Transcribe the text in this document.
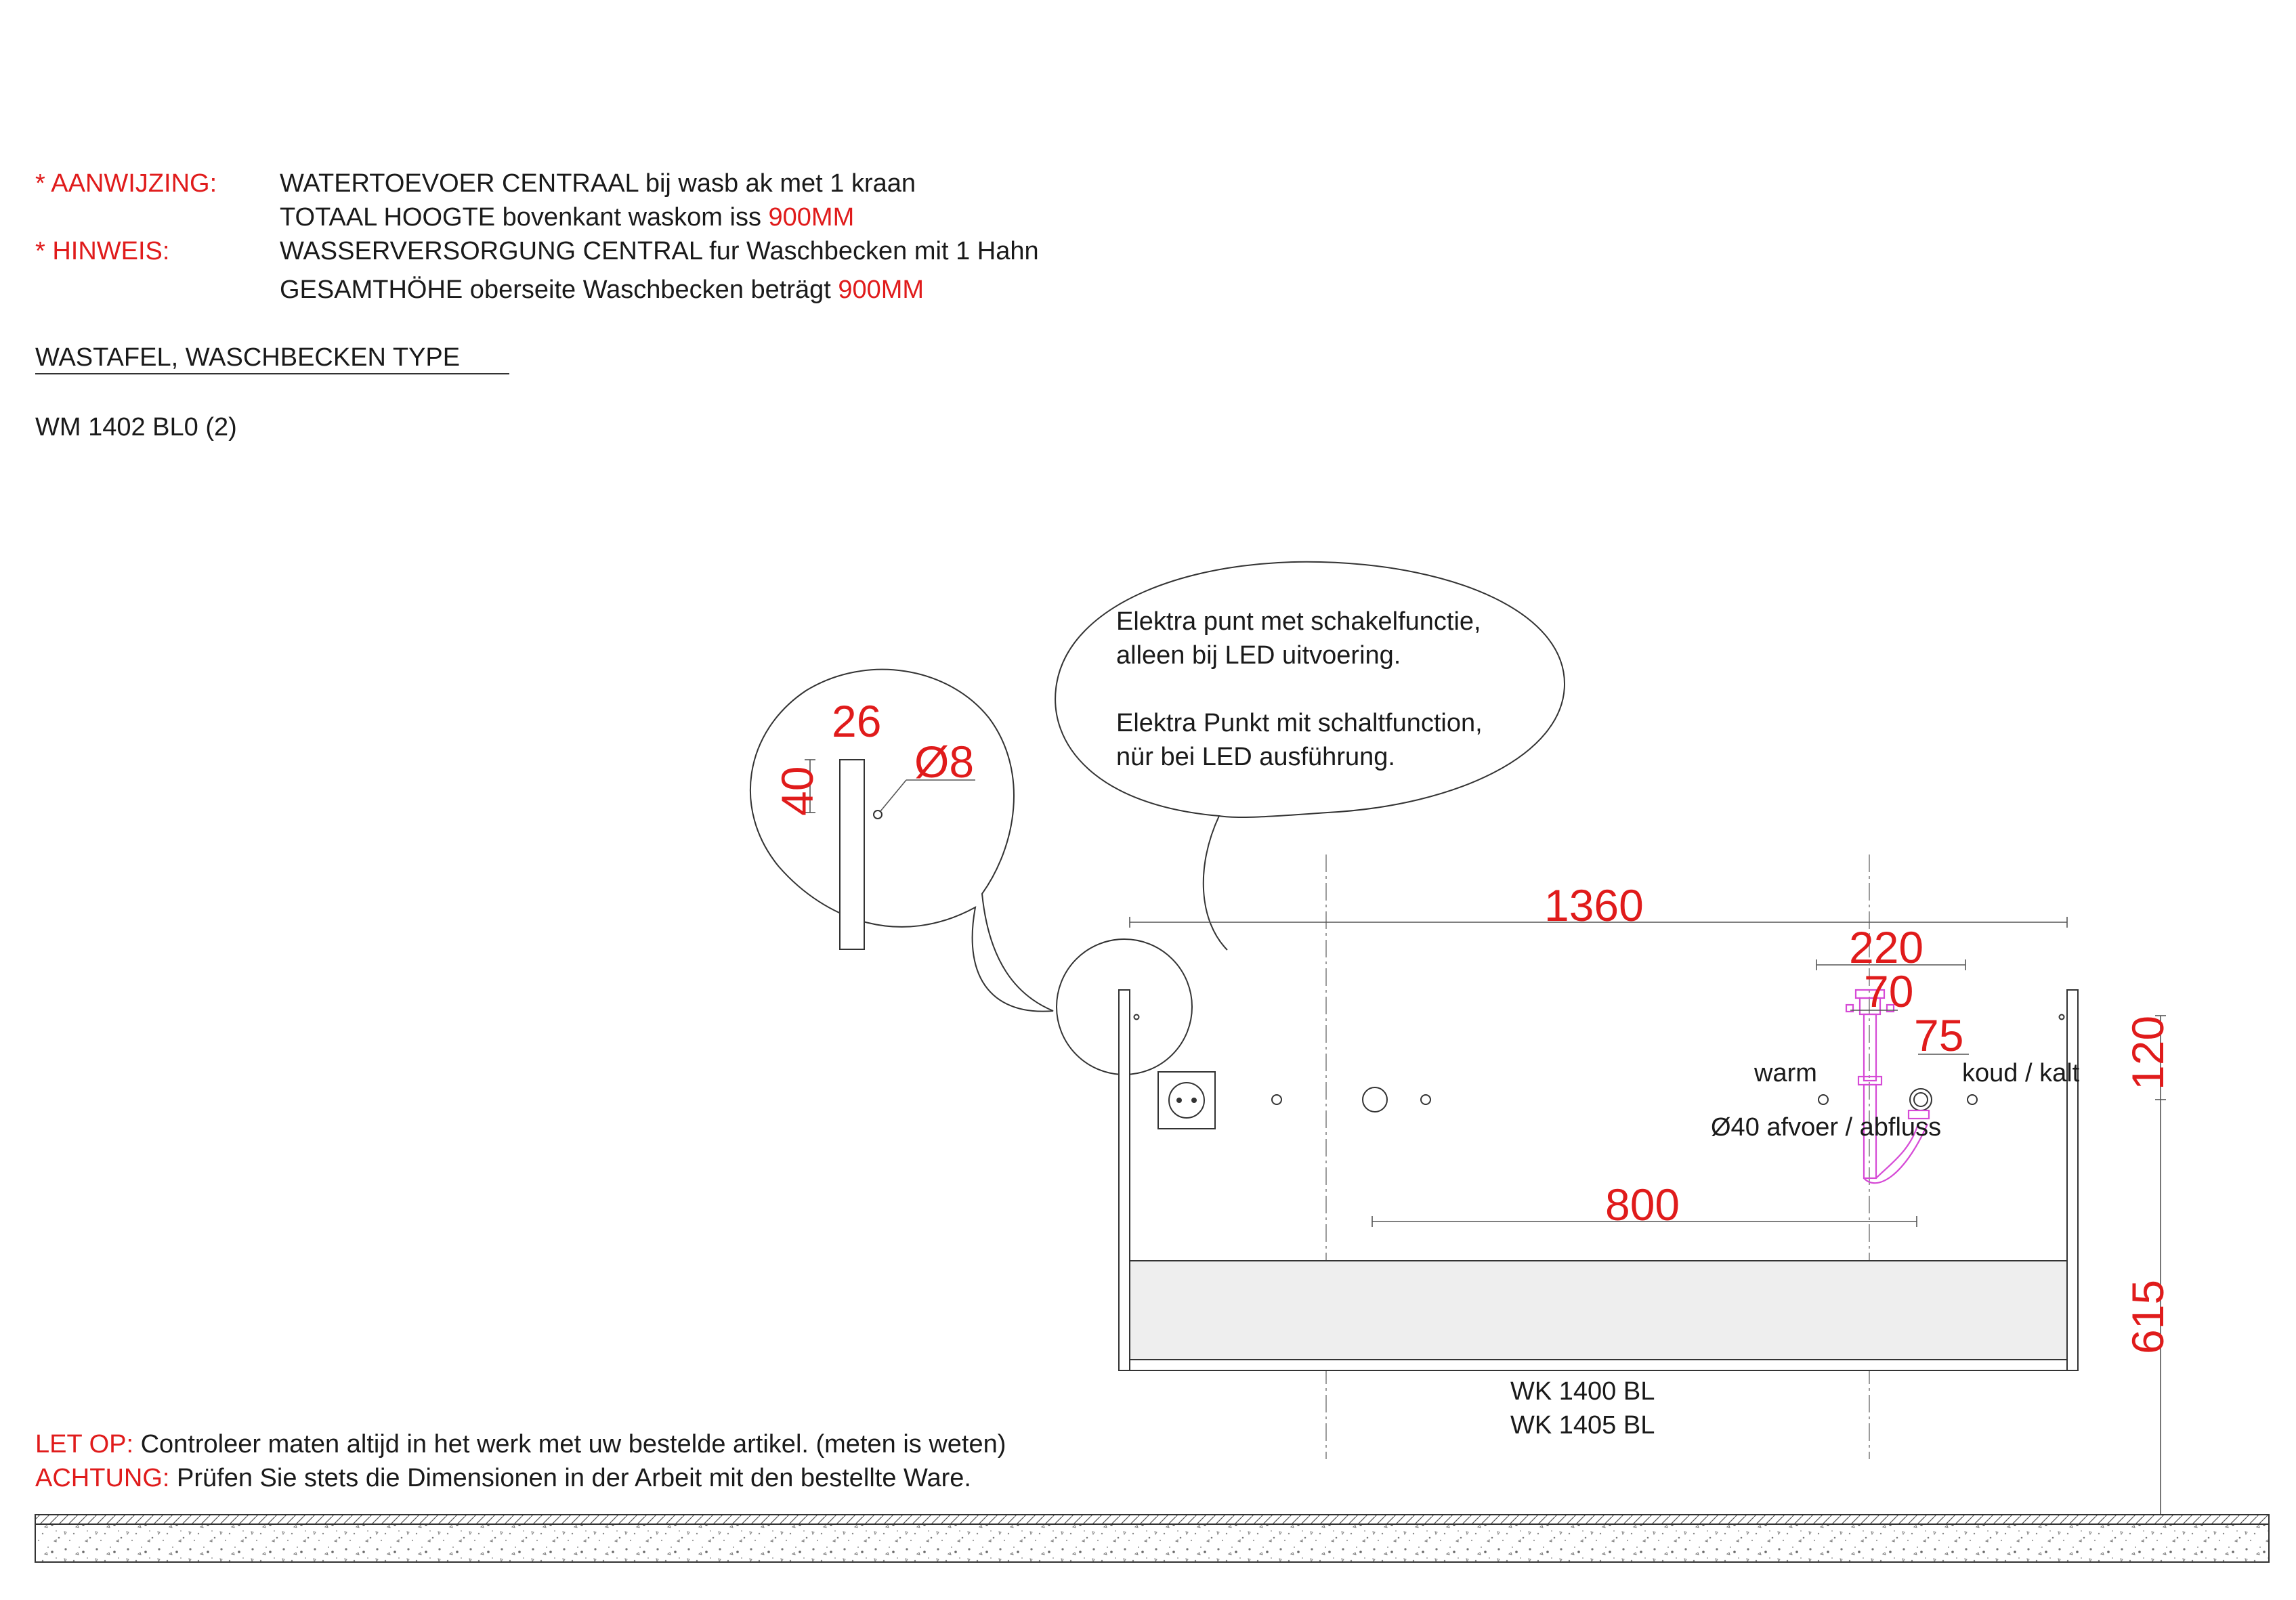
* AANWIJZING: WATERTOEVOER CENTRAAL bij wasb ak met 1 kraan
TOTAAL HOOGTE bovenkant waskom iss 900MM
* HINWEIS:	WASSERVERSORGUNG CENTRAL fur Waschbecken mit 1 Hahn
GESAMTHÖHE oberseite Waschbecken beträgt 900MM
WASTAFEL, WASCHBECKEN TYPE
WM 1402 BL0 (2)
Elektra punt met schakelfunctie,
alleen bij LED uitvoering.
Elektra Punkt mit schaltfunction,
nür bei LED ausführung.
26
Ø8
40
1360
220
70
75
warm	koud / kalt
Ø40 afvoer / abfluss
800
120
615
WK 1400 BL
WK 1405 BL
LET OP: Controleer maten altijd in het werk met uw bestelde artikel. (meten is weten)
ACHTUNG: Prüfen Sie stets die Dimensionen in der Arbeit mit den bestellte Ware.
